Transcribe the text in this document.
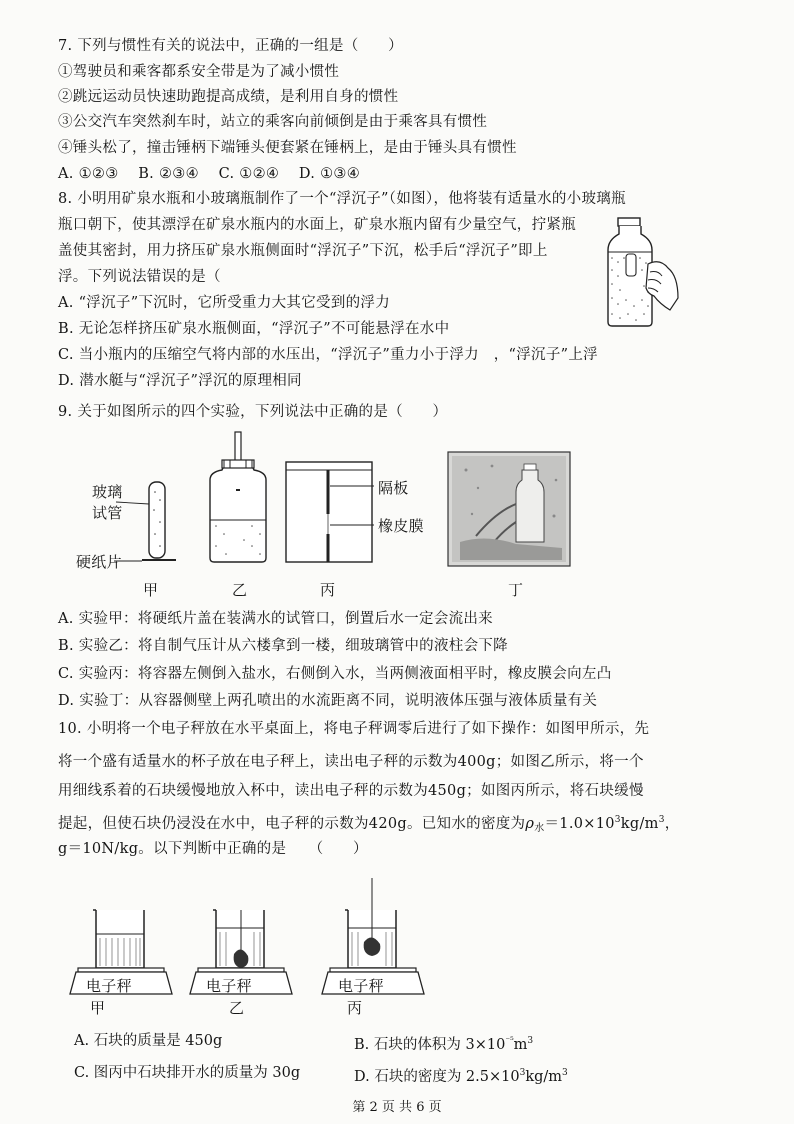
7. 下列与惯性有关的说法中，正确的一组是（　　）
①驾驶员和乘客都系安全带是为了减小惯性
②跳远运动员快速助跑提高成绩，是利用自身的惯性
③公交汽车突然刹车时，站立的乘客向前倾倒是由于乘客具有惯性
④锤头松了，撞击锤柄下端锤头便套紧在锤柄上，是由于锤头具有惯性
A. ①②③　 B. ②③④　 C. ①②④　 D. ①③④
8. 小明用矿泉水瓶和小玻璃瓶制作了一个“浮沉子”（如图），他将装有适量水的小玻璃瓶
瓶口朝下，使其漂浮在矿泉水瓶内的水面上，矿泉水瓶内留有少量空气，拧紧瓶
盖使其密封，用力挤压矿泉水瓶侧面时“浮沉子”下沉，松手后“浮沉子”即上
浮。下列说法错误的是（
A. “浮沉子”下沉时，它所受重力大其它受到的浮力
B. 无论怎样挤压矿泉水瓶侧面，“浮沉子”不可能悬浮在水中
C. 当小瓶内的压缩空气将内部的水压出，“浮沉子”重力小于浮力　，“浮沉子”上浮
D. 潜水艇与“浮沉子”浮沉的原理相同
9. 关于如图所示的四个实验，下列说法中正确的是（　　）
玻璃
试管
硬纸片
隔板
橡皮膜
甲	乙	丙	丁
A. 实验甲：将硬纸片盖在装满水的试管口，倒置后水一定会流出来
B. 实验乙：将自制气压计从六楼拿到一楼，细玻璃管中的液柱会下降
C. 实验丙：将容器左侧倒入盐水，右侧倒入水，当两侧液面相平时，橡皮膜会向左凸
D. 实验丁：从容器侧壁上两孔喷出的水流距离不同，说明液体压强与液体质量有关
10. 小明将一个电子秤放在水平桌面上，将电子秤调零后进行了如下操作：如图甲所示，先
将一个盛有适量水的杯子放在电子秤上，读出电子秤的示数为400g；如图乙所示，将一个
用细线系着的石块缓慢地放入杯中，读出电子秤的示数为450g；如图丙所示，将石块缓慢
提起，但使石块仍浸没在水中，电子秤的示数为420g。已知水的密度为$\rho_水=1.0\times 10^3kg/m^3$，
g＝10N/kg。以下判断中正确的是　　（　　）
电子秤	电子秤	电子秤
甲	乙	丙
A. 石块的质量是 450g	B. 石块的体积为 $3\times 10^{^{-5}}m^3$
C. 图丙中石块排开水的质量为 30g	D. 石块的密度为 $2.5\times 10^3kg/m^3$
第 2 页 共 6 页
